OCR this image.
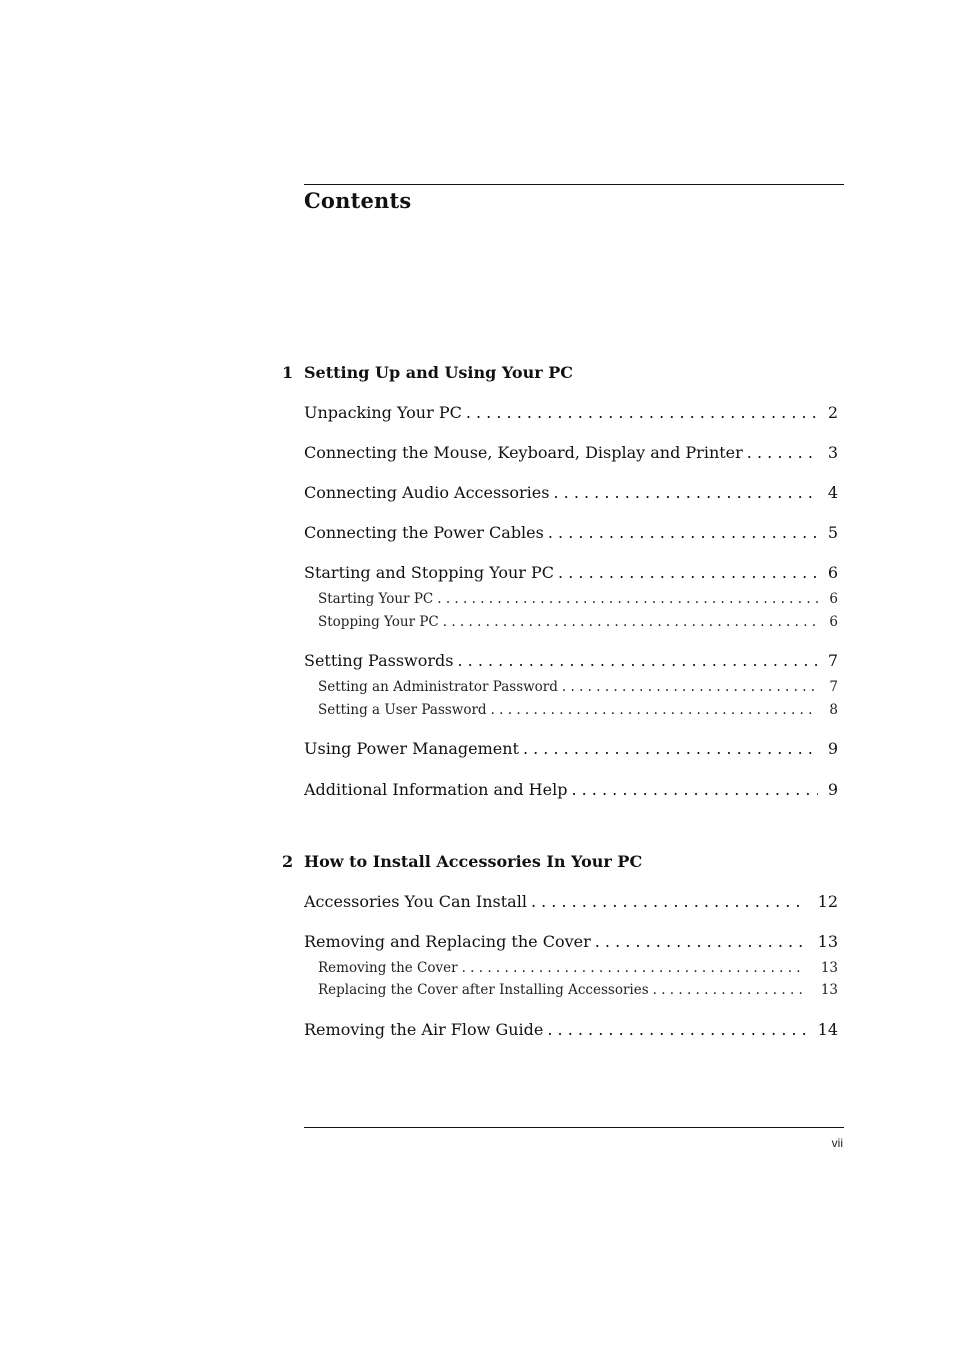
Contents
1 Setting Up and Using Your PC
Unpacking Your PC . . .	2
Connecting the Mouse, Keyboard, Display and Printer . . .	3
Connecting Audio Accessories . . .	4
Connecting the Power Cables . . .	5
Starting and Stopping Your PC . . .	6
Starting Your PC . . .	6
Stopping Your PC . . .	6
Setting Passwords . . .	7
Setting an Administrator Password . . .	7
Setting a User Password . . .	8
Using Power Management . . .	9
Additional Information and Help . . .	9
2 How to Install Accessories In Your PC
Accessories You Can Install . . .	12
Removing and Replacing the Cover . . .	13
Removing the Cover . . .	13
Replacing the Cover after Installing Accessories . . .	13
Removing the Air Flow Guide . . .	14
vii
